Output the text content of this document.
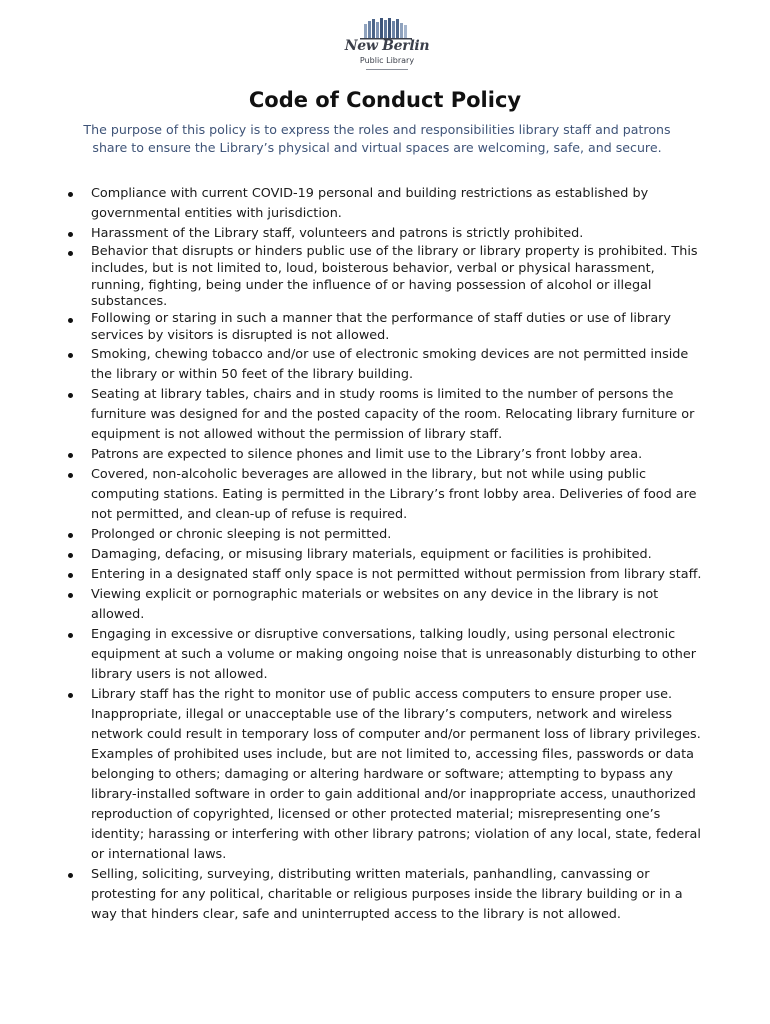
New Berlin
Public Library
Code of Conduct Policy

The purpose of this policy is to express the roles and responsibilities library staff and patrons share to ensure the Library’s physical and virtual spaces are welcoming, safe, and secure.

Compliance with current COVID-19 personal and building restrictions as established by governmental entities with jurisdiction.
Harassment of the Library staff, volunteers and patrons is strictly prohibited.
Behavior that disrupts or hinders public use of the library or library property is prohibited. This includes, but is not limited to, loud, boisterous behavior, verbal or physical harassment, running, fighting, being under the influence of or having possession of alcohol or illegal substances.
Following or staring in such a manner that the performance of staff duties or use of library services by visitors is disrupted is not allowed.
Smoking, chewing tobacco and/or use of electronic smoking devices are not permitted inside the library or within 50 feet of the library building.
Seating at library tables, chairs and in study rooms is limited to the number of persons the furniture was designed for and the posted capacity of the room. Relocating library furniture or equipment is not allowed without the permission of library staff.
Patrons are expected to silence phones and limit use to the Library’s front lobby area.
Covered, non-alcoholic beverages are allowed in the library, but not while using public computing stations. Eating is permitted in the Library’s front lobby area. Deliveries of food are not permitted, and clean-up of refuse is required.
Prolonged or chronic sleeping is not permitted.
Damaging, defacing, or misusing library materials, equipment or facilities is prohibited.
Entering in a designated staff only space is not permitted without permission from library staff.
Viewing explicit or pornographic materials or websites on any device in the library is not allowed.
Engaging in excessive or disruptive conversations, talking loudly, using personal electronic equipment at such a volume or making ongoing noise that is unreasonably disturbing to other library users is not allowed.
Library staff has the right to monitor use of public access computers to ensure proper use. Inappropriate, illegal or unacceptable use of the library’s computers, network and wireless network could result in temporary loss of computer and/or permanent loss of library privileges. Examples of prohibited uses include, but are not limited to, accessing files, passwords or data belonging to others; damaging or altering hardware or software; attempting to bypass any library-installed software in order to gain additional and/or inappropriate access, unauthorized reproduction of copyrighted, licensed or other protected material; misrepresenting one’s identity; harassing or interfering with other library patrons; violation of any local, state, federal or international laws.
Selling, soliciting, surveying, distributing written materials, panhandling, canvassing or protesting for any political, charitable or religious purposes inside the library building or in a way that hinders clear, safe and uninterrupted access to the library is not allowed.
